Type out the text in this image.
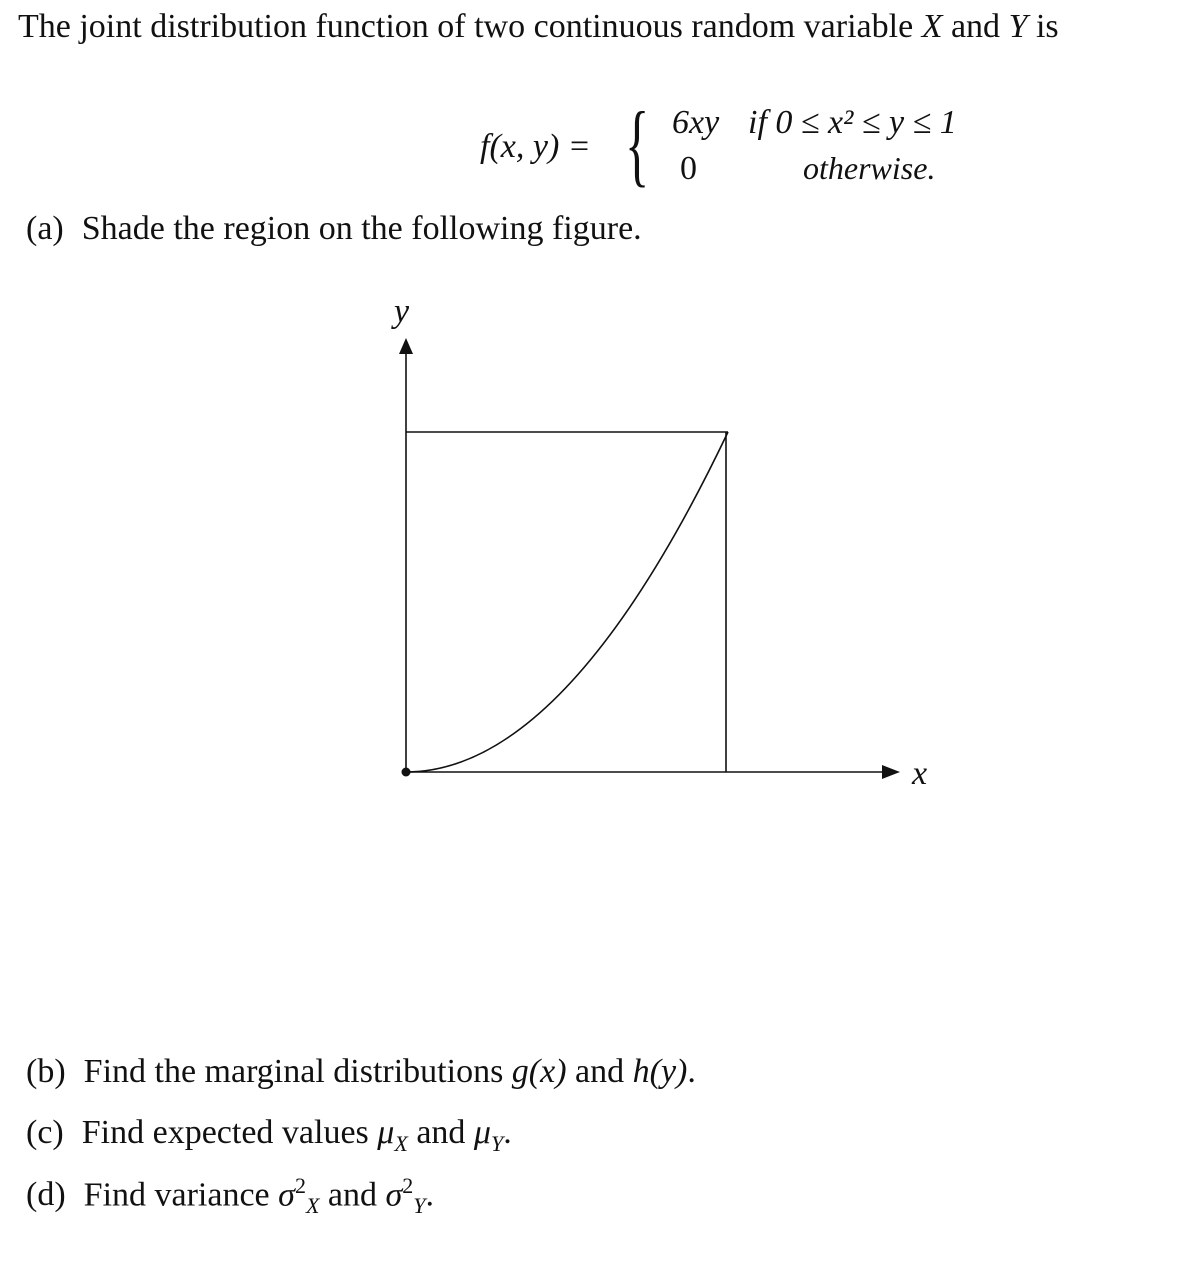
The joint distribution function of two continuous random variable X and Y is
f(x, y) = { 6xy if 0 ≤ x² ≤ y ≤ 1
0	otherwise.
(a) Shade the region on the following figure.
y
x
(b) Find the marginal distributions g(x) and h(y).
(c) Find expected values $\mu_X$ and $\mu_Y$.
(d) Find variance $\sigma^2_X$ and $\sigma^2_Y$.
